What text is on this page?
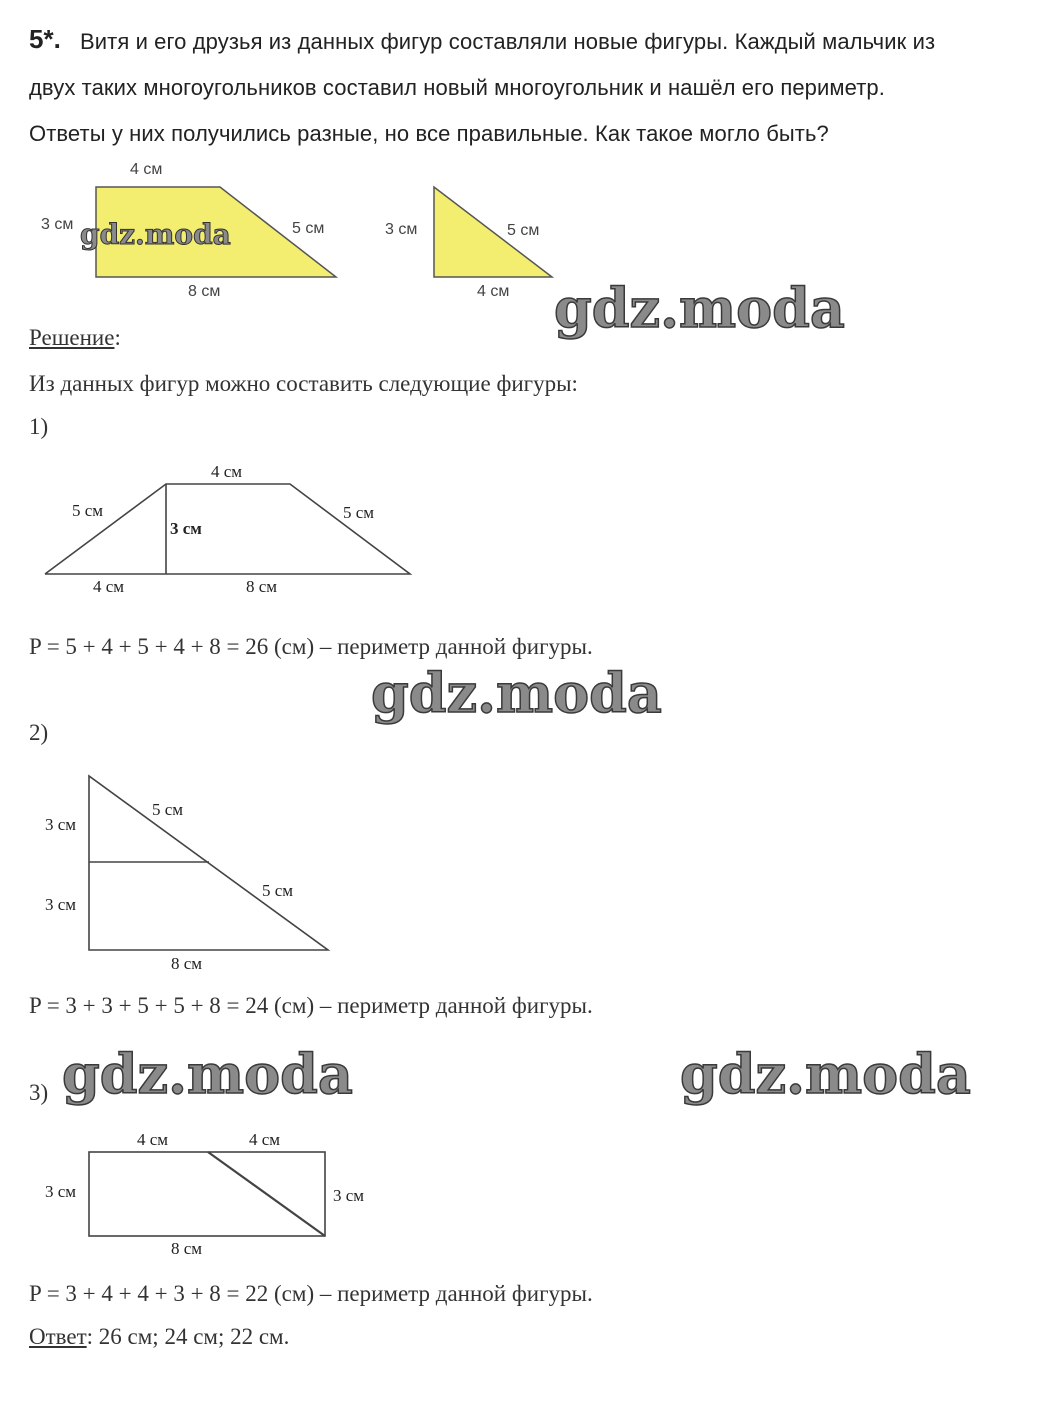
5*. Витя и его друзья из данных фигур составляли новые фигуры. Каждый мальчик из
двух таких многоугольников составил новый многоугольник и нашёл его периметр.
Ответы у них получились разные, но все правильные. Как такое могло быть?
4 см
3 см	5 см
8 см
3 см	5 см
4 см
gdz.moda
gdz.moda
gdz.moda
gdz.moda	gdz.moda
Решение:
Из данных фигур можно составить следующие фигуры:
1)
4 см
5 см
3 см
5 см
4 см	8 см
P = 5 + 4 + 5 + 4 + 8 = 26 (см) – периметр данной фигуры.
2)
5 см
3 см
5 см
3 см
8 см
P = 3 + 3 + 5 + 5 + 8 = 24 (см) – периметр данной фигуры.
3)
4 см	4 см
3 см	3 см
8 см
P = 3 + 4 + 4 + 3 + 8 = 22 (см) – периметр данной фигуры.
Ответ: 26 см; 24 см; 22 см.
